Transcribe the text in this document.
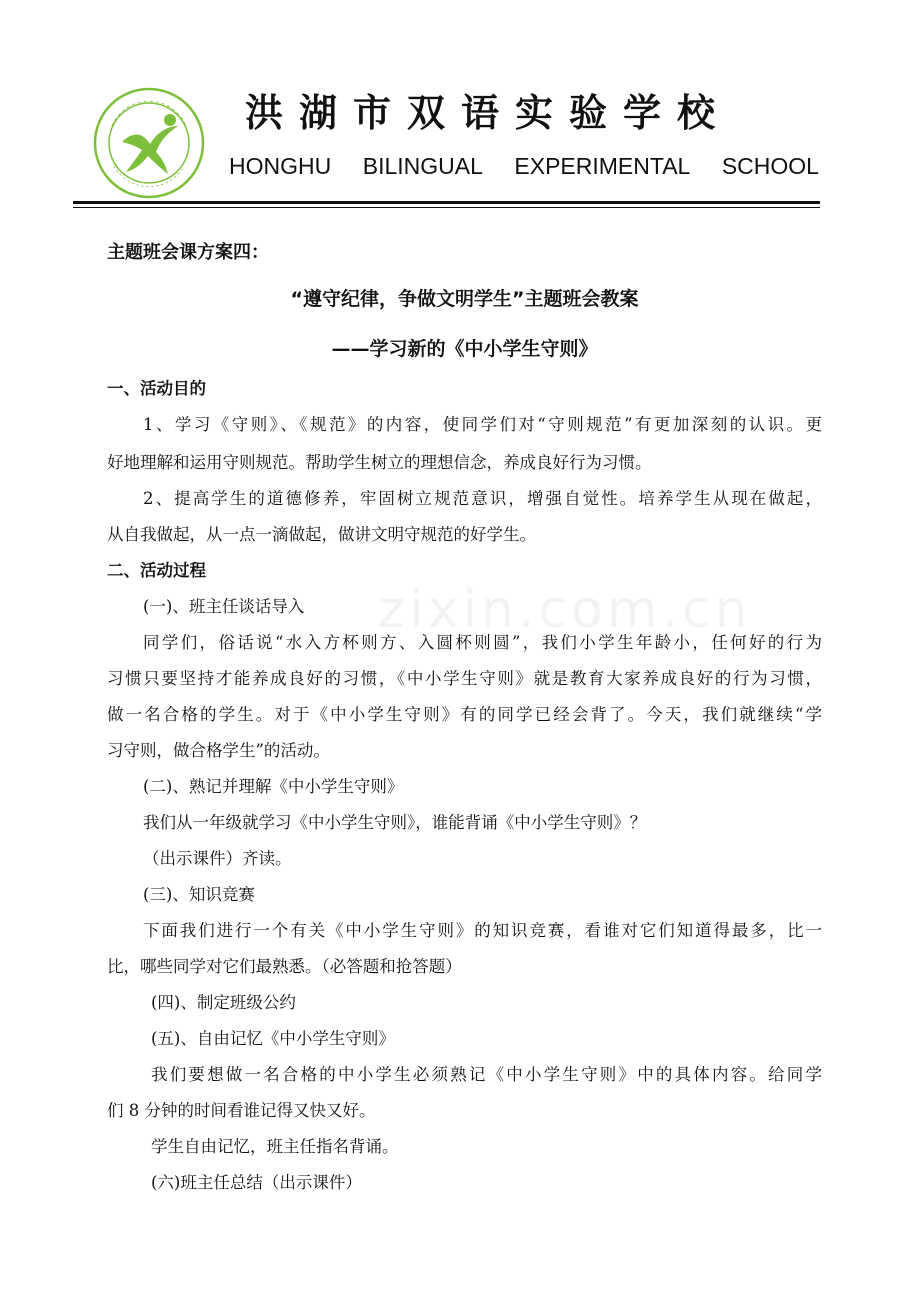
洪湖市双语实验学校
HONGHU BILINGUAL EXPERIMENTAL SCHOOL
zixin.com.cn
主题班会课方案四：
“遵守纪律，争做文明学生”主题班会教案
——学习新的《中小学生守则》
一、活动目的
1、学习《守则》、《规范》的内容，使同学们对“守则规范”有更加深刻的认识。更
好地理解和运用守则规范。帮助学生树立的理想信念，养成良好行为习惯。
2、提高学生的道德修养，牢固树立规范意识，增强自觉性。培养学生从现在做起，
从自我做起，从一点一滴做起，做讲文明守规范的好学生。
二、活动过程
(一)、班主任谈话导入
同学们，俗话说“水入方杯则方、入圆杯则圆”，我们小学生年龄小，任何好的行为
习惯只要坚持才能养成良好的习惯，《中小学生守则》就是教育大家养成良好的行为习惯，
做一名合格的学生。对于《中小学生守则》有的同学已经会背了。今天，我们就继续“学
习守则，做合格学生”的活动。
(二)、熟记并理解《中小学生守则》
我们从一年级就学习《中小学生守则》，谁能背诵《中小学生守则》？
（出示课件）齐读。
(三)、知识竞赛
下面我们进行一个有关《中小学生守则》的知识竞赛，看谁对它们知道得最多，比一
比，哪些同学对它们最熟悉。（必答题和抢答题）
(四)、制定班级公约
(五)、自由记忆《中小学生守则》
我们要想做一名合格的中小学生必须熟记《中小学生守则》中的具体内容。给同学
们 8 分钟的时间看谁记得又快又好。
学生自由记忆，班主任指名背诵。
(六)班主任总结（出示课件）
